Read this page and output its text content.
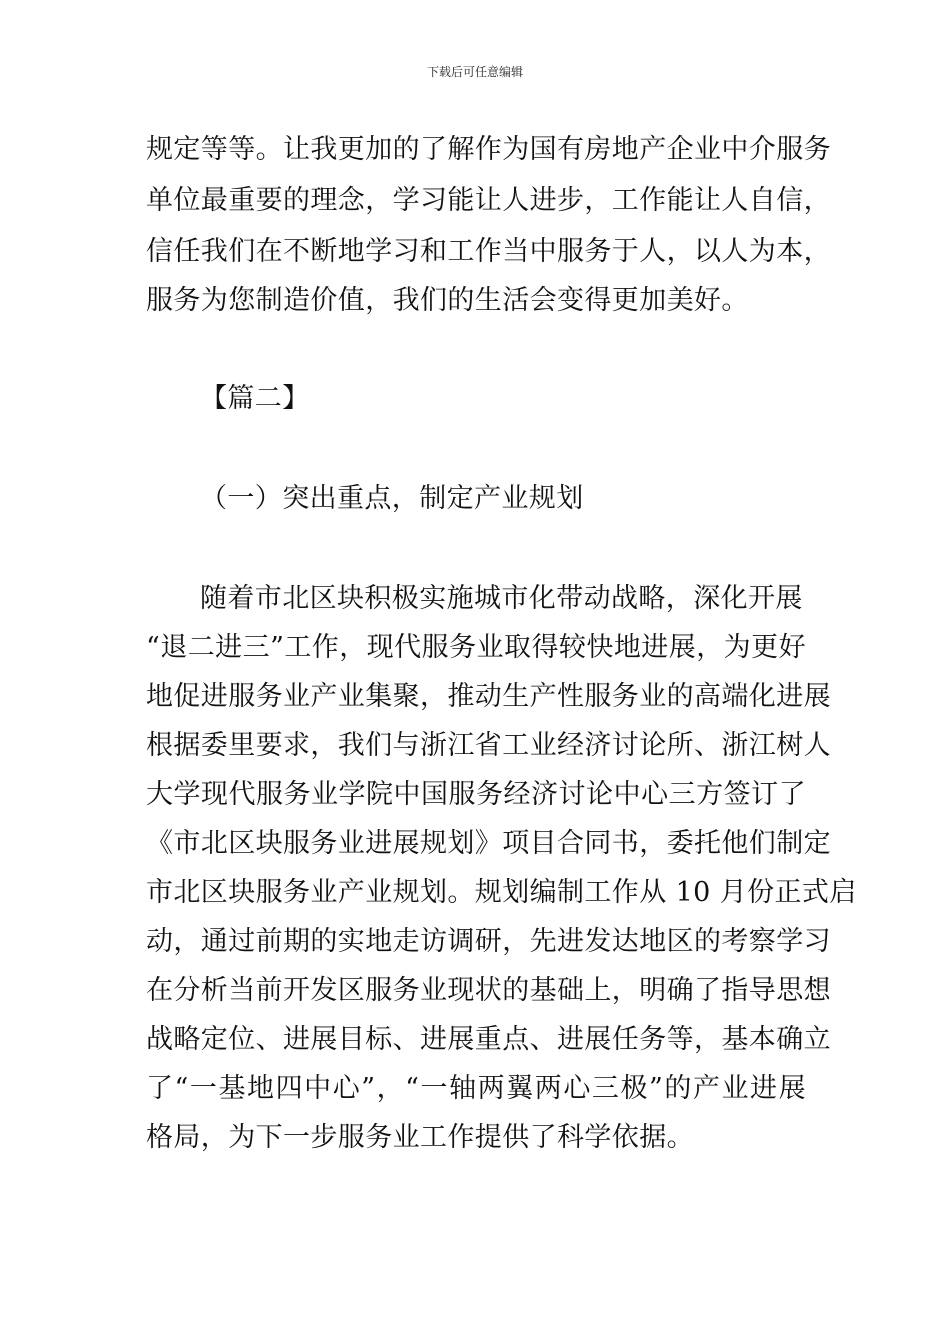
下载后可任意编辑
规定等等。让我更加的了解作为国有房地产企业中介服务
单位最重要的理念，学习能让人进步，工作能让人自信，
信任我们在不断地学习和工作当中服务于人，以人为本，
服务为您制造价值，我们的生活会变得更加美好。
【篇二】
（一）突出重点，制定产业规划
随着市北区块积极实施城市化带动战略，深化开展
“退二进三”工作，现代服务业取得较快地进展，为更好
地促进服务业产业集聚，推动生产性服务业的高端化进展
根据委里要求，我们与浙江省工业经济讨论所、浙江树人
大学现代服务业学院中国服务经济讨论中心三方签订了
《市北区块服务业进展规划》项目合同书，委托他们制定
市北区块服务业产业规划。规划编制工作从 10 月份正式启
动，通过前期的实地走访调研，先进发达地区的考察学习
在分析当前开发区服务业现状的基础上，明确了指导思想
战略定位、进展目标、进展重点、进展任务等，基本确立
了“一基地四中心”，“一轴两翼两心三极”的产业进展
格局，为下一步服务业工作提供了科学依据。
